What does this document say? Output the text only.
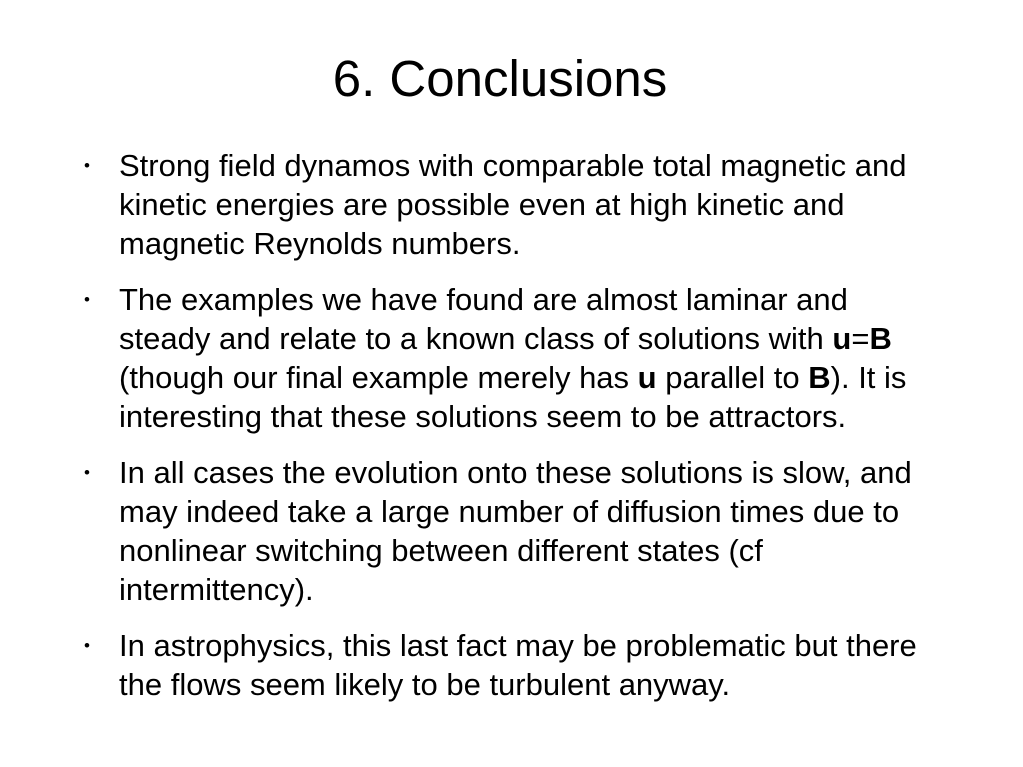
6. Conclusions
• Strong field dynamos with comparable total magnetic and kinetic energies are possible even at high kinetic and magnetic Reynolds numbers.
• The examples we have found are almost laminar and steady and relate to a known class of solutions with u=B (though our final example merely has u parallel to B). It is interesting that these solutions seem to be attractors.
• In all cases the evolution onto these solutions is slow, and may indeed take a large number of diffusion times due to nonlinear switching between different states (cf intermittency).
• In astrophysics, this last fact may be problematic but there the flows seem likely to be turbulent anyway.
